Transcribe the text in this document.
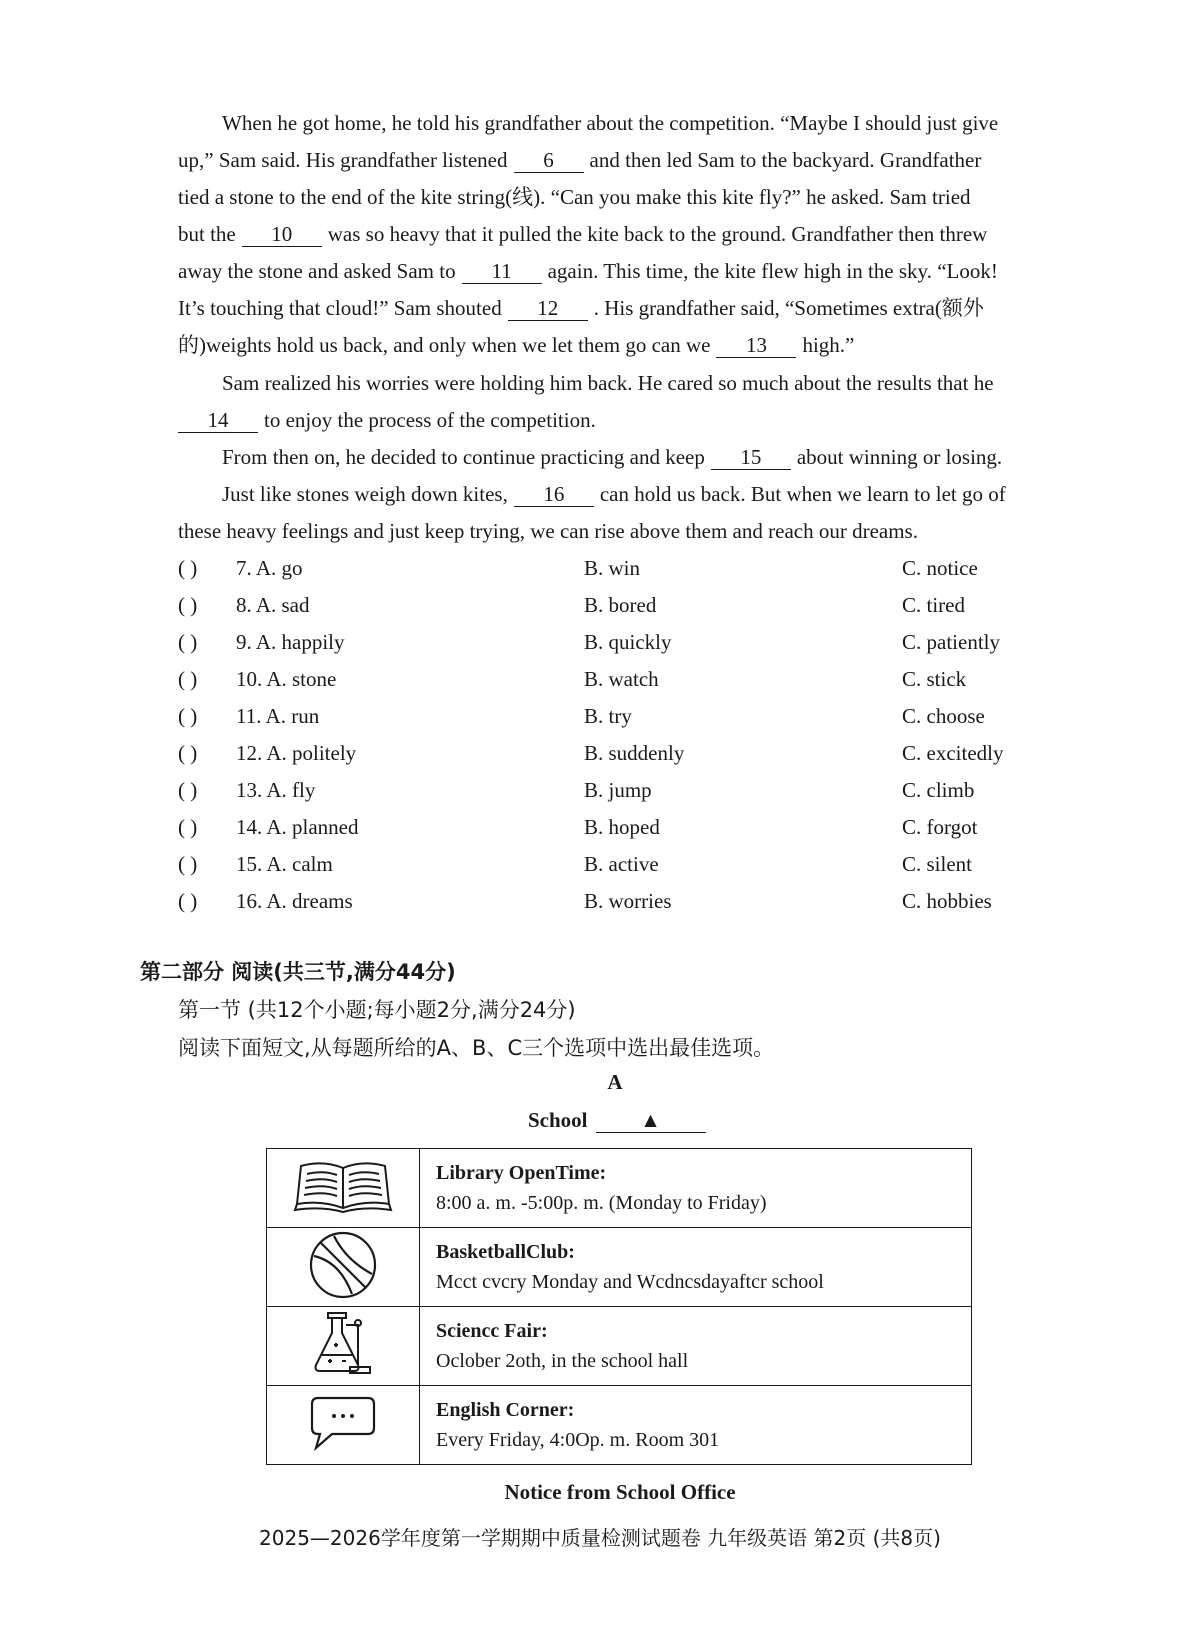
When he got home, he told his grandfather about the competition. “Maybe I should just give
up,” Sam said. His grandfather listened 6 and then led Sam to the backyard. Grandfather
tied a stone to the end of the kite string(线). “Can you make this kite fly?” he asked. Sam tried
but the 10 was so heavy that it pulled the kite back to the ground. Grandfather then threw
away the stone and asked Sam to 11 again. This time, the kite flew high in the sky. “Look!
It’s touching that cloud!” Sam shouted 12 . His grandfather said, “Sometimes extra(额外
的)weights hold us back, and only when we let them go can we 13 high.”
Sam realized his worries were holding him back. He cared so much about the results that he
14 to enjoy the process of the competition.
From then on, he decided to continue practicing and keep 15 about winning or losing.
Just like stones weigh down kites, 16 can hold us back. But when we learn to let go of
these heavy feelings and just keep trying, we can rise above them and reach our dreams.
( ) 7. A. go	B. win	C. notice
( ) 8. A. sad	B. bored	C. tired
( ) 9. A. happily	B. quickly	C. patiently
( ) 10. A. stone	B. watch	C. stick
( ) 11. A. run	B. try	C. choose
( ) 12. A. politely	B. suddenly	C. excitedly
( ) 13. A. fly	B. jump	C. climb
( ) 14. A. planned	B. hoped	C. forgot
( ) 15. A. calm	B. active	C. silent
( ) 16. A. dreams	B. worries	C. hobbies
第二部分 阅读(共三节,满分44分)
第一节 (共12个小题;每小题2分,满分24分)
阅读下面短文,从每题所给的A、B、C三个选项中选出最佳选项。
A
School	▲

Library OpenTime:
8:00 a. m. -5:00p. m. (Monday to Friday)

BasketballClub:
Mcct cvcry Monday and Wcdncsdayaftcr school

Sciencc Fair:
Oclober 2oth, in the school hall

English Corner:
Every Friday, 4:0Op. m. Room 301
Notice from School Office
2025—2026学年度第一学期期中质量检测试题卷 九年级英语 第2页 (共8页)
